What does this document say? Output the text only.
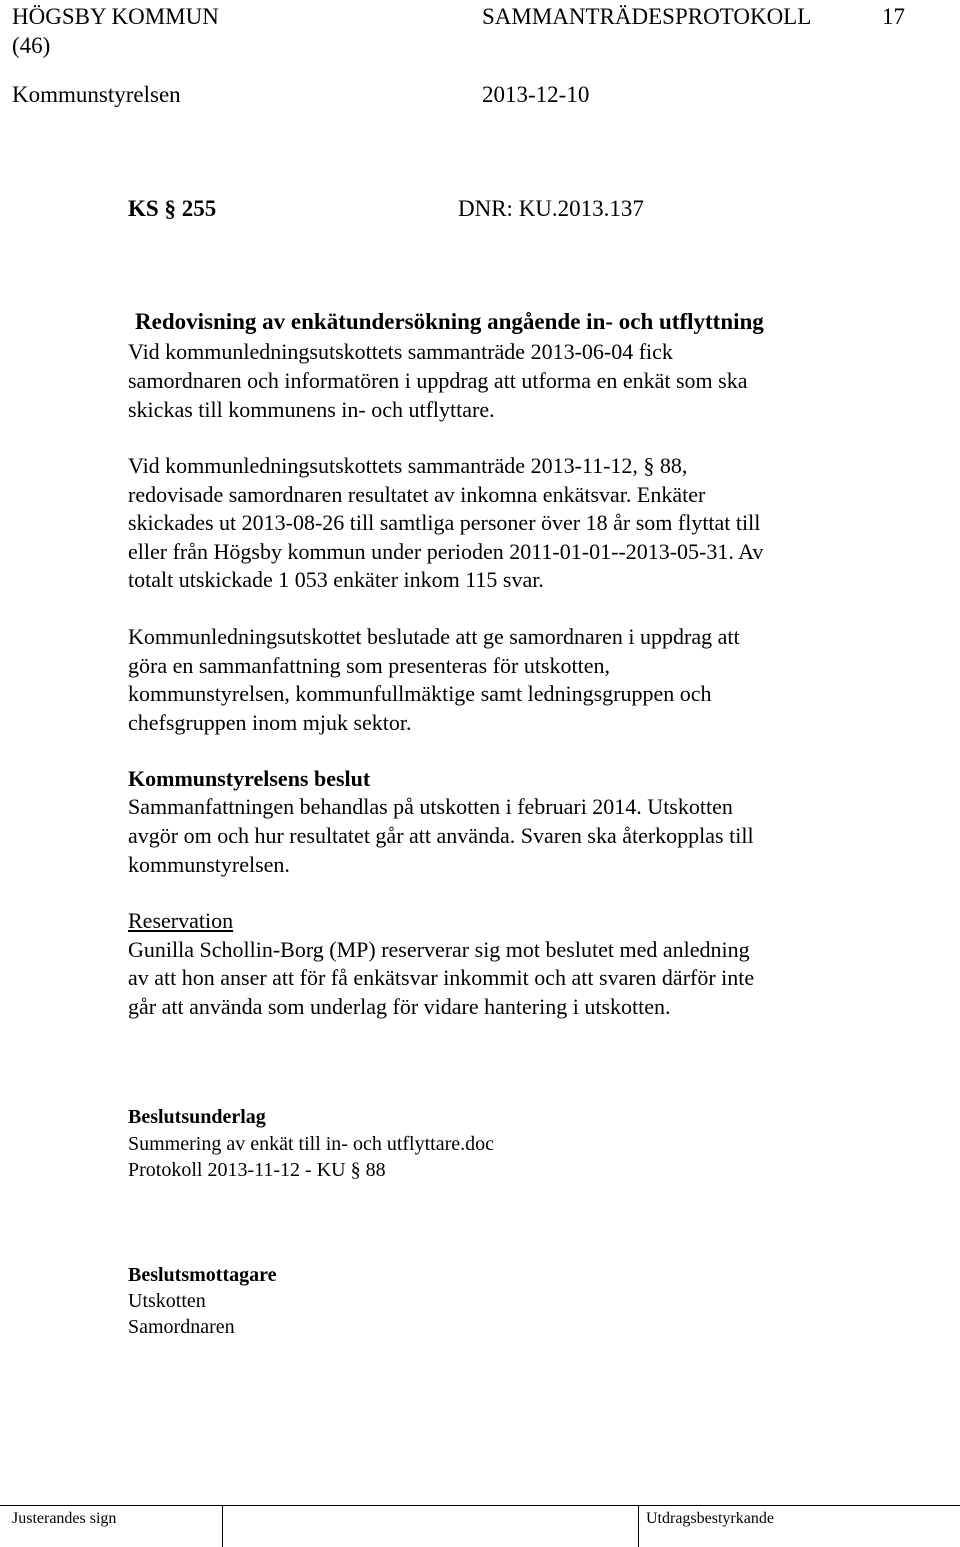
HÖGSBY KOMMUN	SAMMANTRÄDESPROTOKOLL	17
(46)
Kommunstyrelsen	2013-12-10
KS § 255	DNR: KU.2013.137
Redovisning av enkätundersökning angående in- och utflyttning
Vid kommunledningsutskottets sammanträde 2013-06-04 fick
samordnaren och informatören i uppdrag att utforma en enkät som ska
skickas till kommunens in- och utflyttare.
Vid kommunledningsutskottets sammanträde 2013-11-12, § 88,
redovisade samordnaren resultatet av inkomna enkätsvar. Enkäter
skickades ut 2013-08-26 till samtliga personer över 18 år som flyttat till
eller från Högsby kommun under perioden 2011-01-01--2013-05-31. Av
totalt utskickade 1 053 enkäter inkom 115 svar.
Kommunledningsutskottet beslutade att ge samordnaren i uppdrag att
göra en sammanfattning som presenteras för utskotten,
kommunstyrelsen, kommunfullmäktige samt ledningsgruppen och
chefsgruppen inom mjuk sektor.
Kommunstyrelsens beslut
Sammanfattningen behandlas på utskotten i februari 2014. Utskotten
avgör om och hur resultatet går att använda. Svaren ska återkopplas till
kommunstyrelsen.
Reservation
Gunilla Schollin-Borg (MP) reserverar sig mot beslutet med anledning
av att hon anser att för få enkätsvar inkommit och att svaren därför inte
går att använda som underlag för vidare hantering i utskotten.
Beslutsunderlag
Summering av enkät till in- och utflyttare.doc
Protokoll 2013-11-12 - KU § 88
Beslutsmottagare
Utskotten
Samordnaren
Justerandes sign	Utdragsbestyrkande
